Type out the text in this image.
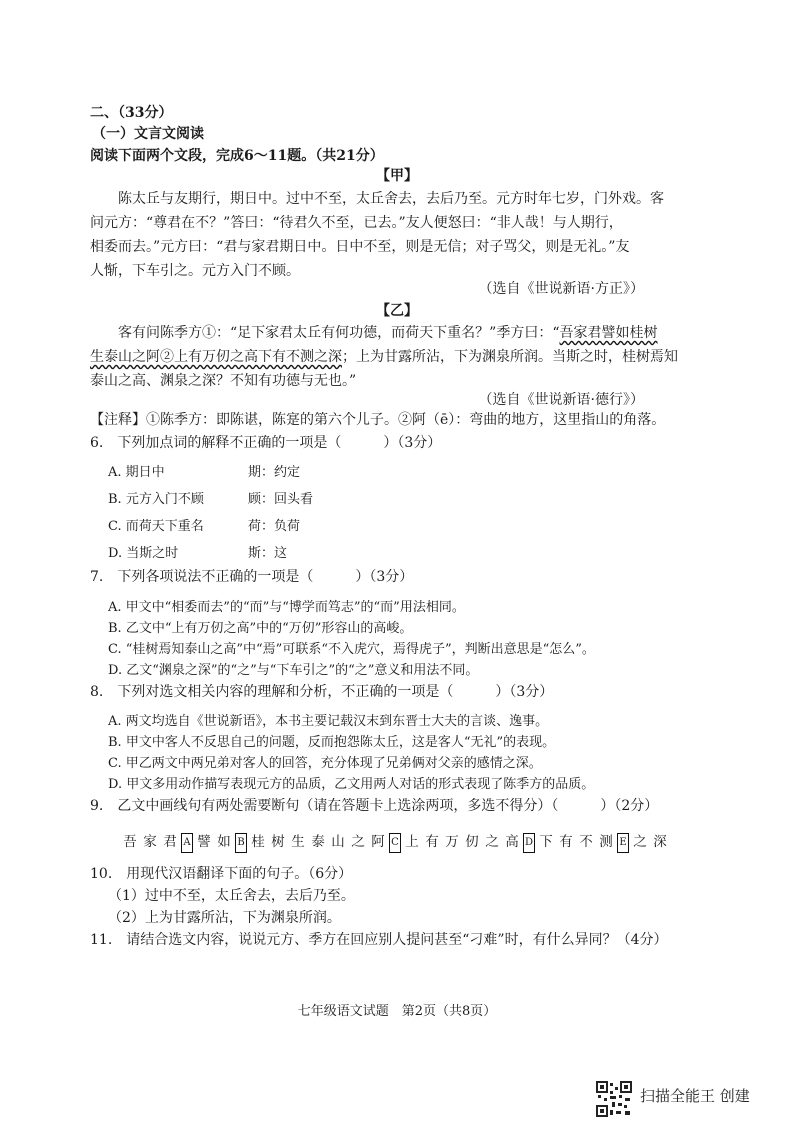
二、（33分）
（一）文言文阅读
阅读下面两个文段，完成6～11题。（共21分）
【甲】
陈太丘与友期行，期日中。过中不至，太丘舍去，去后乃至。元方时年七岁，门外戏。客
问元方：“尊君在不？”答曰：“待君久不至，已去。”友人便怒曰：“非人哉！与人期行，
相委而去。”元方曰：“君与家君期日中。日中不至，则是无信；对子骂父，则是无礼。”友
人惭，下车引之。元方入门不顾。
（选自《世说新语·方正》）
【乙】
客有问陈季方①：“足下家君太丘有何功德，而荷天下重名？”季方曰：“吾家君譬如桂树
生泰山之阿②上有万仞之高下有不测之深；上为甘露所沾，下为渊泉所润。当斯之时，桂树焉知
泰山之高、渊泉之深？不知有功德与无也。”
（选自《世说新语·德行》）
【注释】①陈季方：即陈谌，陈寔的第六个儿子。②阿（ē）：弯曲的地方，这里指山的角落。
6.　下列加点词的解释不正确的一项是（　　　）（3分）
A. 期日中	期：约定
B. 元方入门不顾	顾：回头看
C. 而荷天下重名	荷：负荷
D. 当斯之时	斯：这
7.　下列各项说法不正确的一项是（　　　）（3分）
A. 甲文中“相委而去”的“而”与“博学而笃志”的“而”用法相同。
B. 乙文中“上有万仞之高”中的“万仞”形容山的高峻。
C. “桂树焉知泰山之高”中“焉”可联系“不入虎穴，焉得虎子”，判断出意思是“怎么”。
D. 乙文“渊泉之深”的“之”与“下车引之”的“之”意义和用法不同。
8.　下列对选文相关内容的理解和分析，不正确的一项是（　　　）（3分）
A. 两文均选自《世说新语》，本书主要记载汉末到东晋士大夫的言谈、逸事。
B. 甲文中客人不反思自己的问题，反而抱怨陈太丘，这是客人“无礼”的表现。
C. 甲乙两文中两兄弟对客人的回答，充分体现了兄弟俩对父亲的感情之深。
D. 甲文多用动作描写表现元方的品质，乙文用两人对话的形式表现了陈季方的品质。
9.　乙文中画线句有两处需要断句（请在答题卡上选涂两项，多选不得分）（　　　）（2分）
吾 家 君 A 譬 如 B 桂 树 生 泰 山 之 阿 C 上 有 万 仞 之 高 D 下 有 不 测 E 之 深
10.　用现代汉语翻译下面的句子。（6分）
（1）过中不至，太丘舍去，去后乃至。
（2）上为甘露所沾，下为渊泉所润。
11.　请结合选文内容，说说元方、季方在回应别人提问甚至“刁难”时，有什么异同？（4分）
七年级语文试题　第2页（共8页）
扫描全能王 创建
